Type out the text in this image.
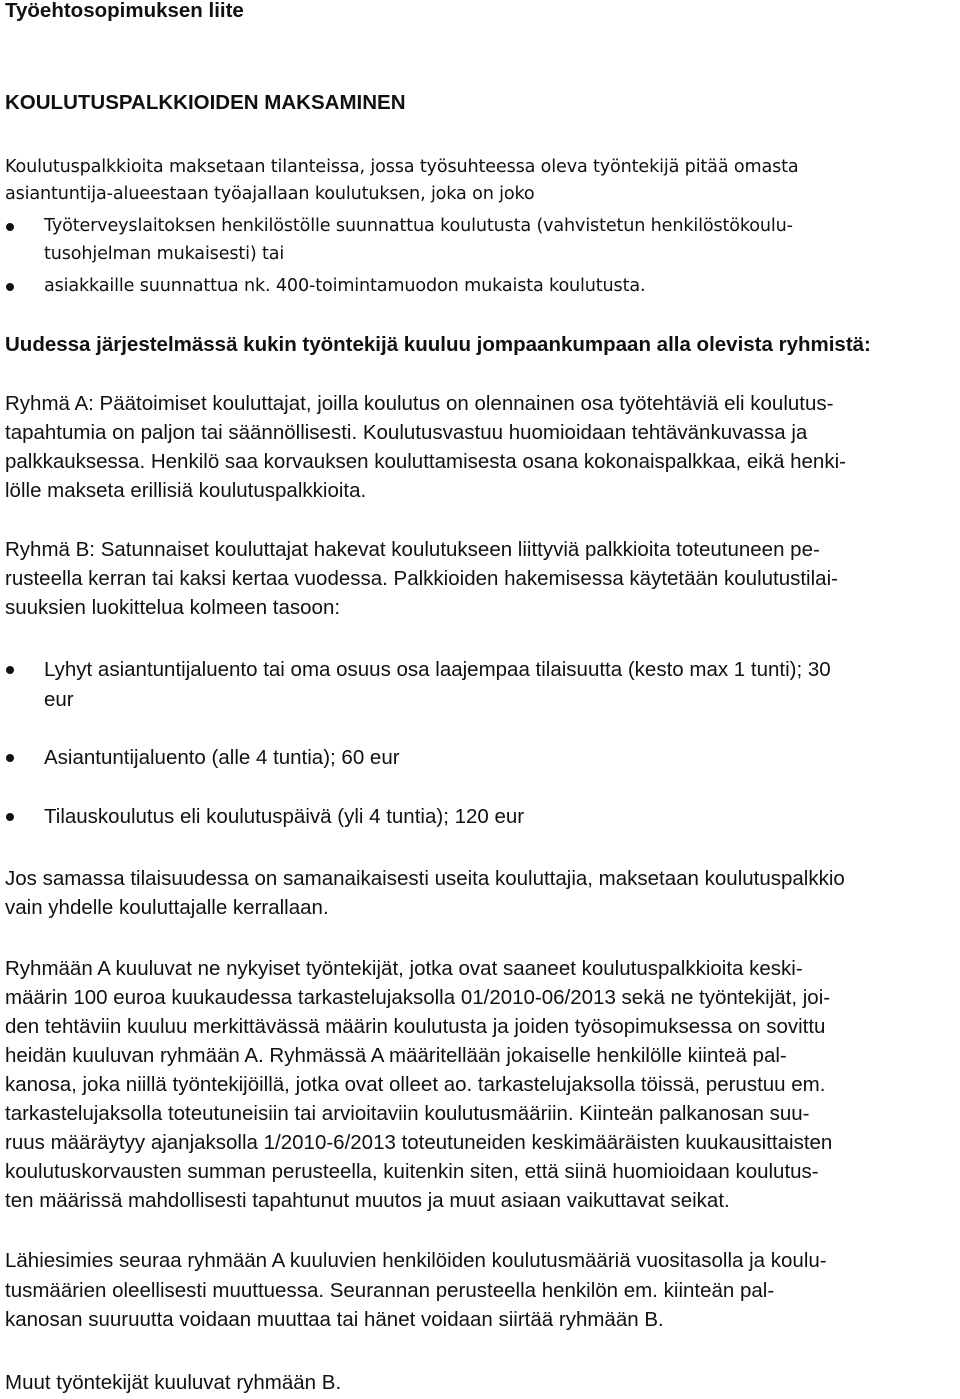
Työehtosopimuksen liite
KOULUTUSPALKKIOIDEN MAKSAMINEN
Koulutuspalkkioita maksetaan tilanteissa, jossa työsuhteessa oleva työntekijä pitää omasta
asiantuntija-alueestaan työajallaan koulutuksen, joka on joko
Työterveyslaitoksen henkilöstölle suunnattua koulutusta (vahvistetun henkilöstökoulu-
tusohjelman mukaisesti) tai
asiakkaille suunnattua nk. 400-toimintamuodon mukaista koulutusta.
Uudessa järjestelmässä kukin työntekijä kuuluu jompaankumpaan alla olevista ryhmistä:
Ryhmä A: Päätoimiset kouluttajat, joilla koulutus on olennainen osa työtehtäviä eli koulutus-
tapahtumia on paljon tai säännöllisesti. Koulutusvastuu huomioidaan tehtävänkuvassa ja
palkkauksessa. Henkilö saa korvauksen kouluttamisesta osana kokonaispalkkaa, eikä henki-
lölle makseta erillisiä koulutuspalkkioita.
Ryhmä B: Satunnaiset kouluttajat hakevat koulutukseen liittyviä palkkioita toteutuneen pe-
rusteella kerran tai kaksi kertaa vuodessa. Palkkioiden hakemisessa käytetään koulutustilai-
suuksien luokittelua kolmeen tasoon:
Lyhyt asiantuntijaluento tai oma osuus osa laajempaa tilaisuutta (kesto max 1 tunti); 30
eur
Asiantuntijaluento (alle 4 tuntia); 60 eur
Tilauskoulutus eli koulutuspäivä (yli 4 tuntia); 120 eur
Jos samassa tilaisuudessa on samanaikaisesti useita kouluttajia, maksetaan koulutuspalkkio
vain yhdelle kouluttajalle kerrallaan.
Ryhmään A kuuluvat ne nykyiset työntekijät, jotka ovat saaneet koulutuspalkkioita keski-
määrin 100 euroa kuukaudessa tarkastelujaksolla 01/2010-06/2013 sekä ne työntekijät, joi-
den tehtäviin kuuluu merkittävässä määrin koulutusta ja joiden työsopimuksessa on sovittu
heidän kuuluvan ryhmään A. Ryhmässä A määritellään jokaiselle henkilölle kiinteä pal-
kanosa, joka niillä työntekijöillä, jotka ovat olleet ao. tarkastelujaksolla töissä, perustuu em.
tarkastelujaksolla toteutuneisiin tai arvioitaviin koulutusmääriin. Kiinteän palkanosan suu-
ruus määräytyy ajanjaksolla 1/2010-6/2013 toteutuneiden keskimääräisten kuukausittaisten
koulutuskorvausten summan perusteella, kuitenkin siten, että siinä huomioidaan koulutus-
ten määrissä mahdollisesti tapahtunut muutos ja muut asiaan vaikuttavat seikat.
Lähiesimies seuraa ryhmään A kuuluvien henkilöiden koulutusmääriä vuositasolla ja koulu-
tusmäärien oleellisesti muuttuessa. Seurannan perusteella henkilön em. kiinteän pal-
kanosan suuruutta voidaan muuttaa tai hänet voidaan siirtää ryhmään B.
Muut työntekijät kuuluvat ryhmään B.
